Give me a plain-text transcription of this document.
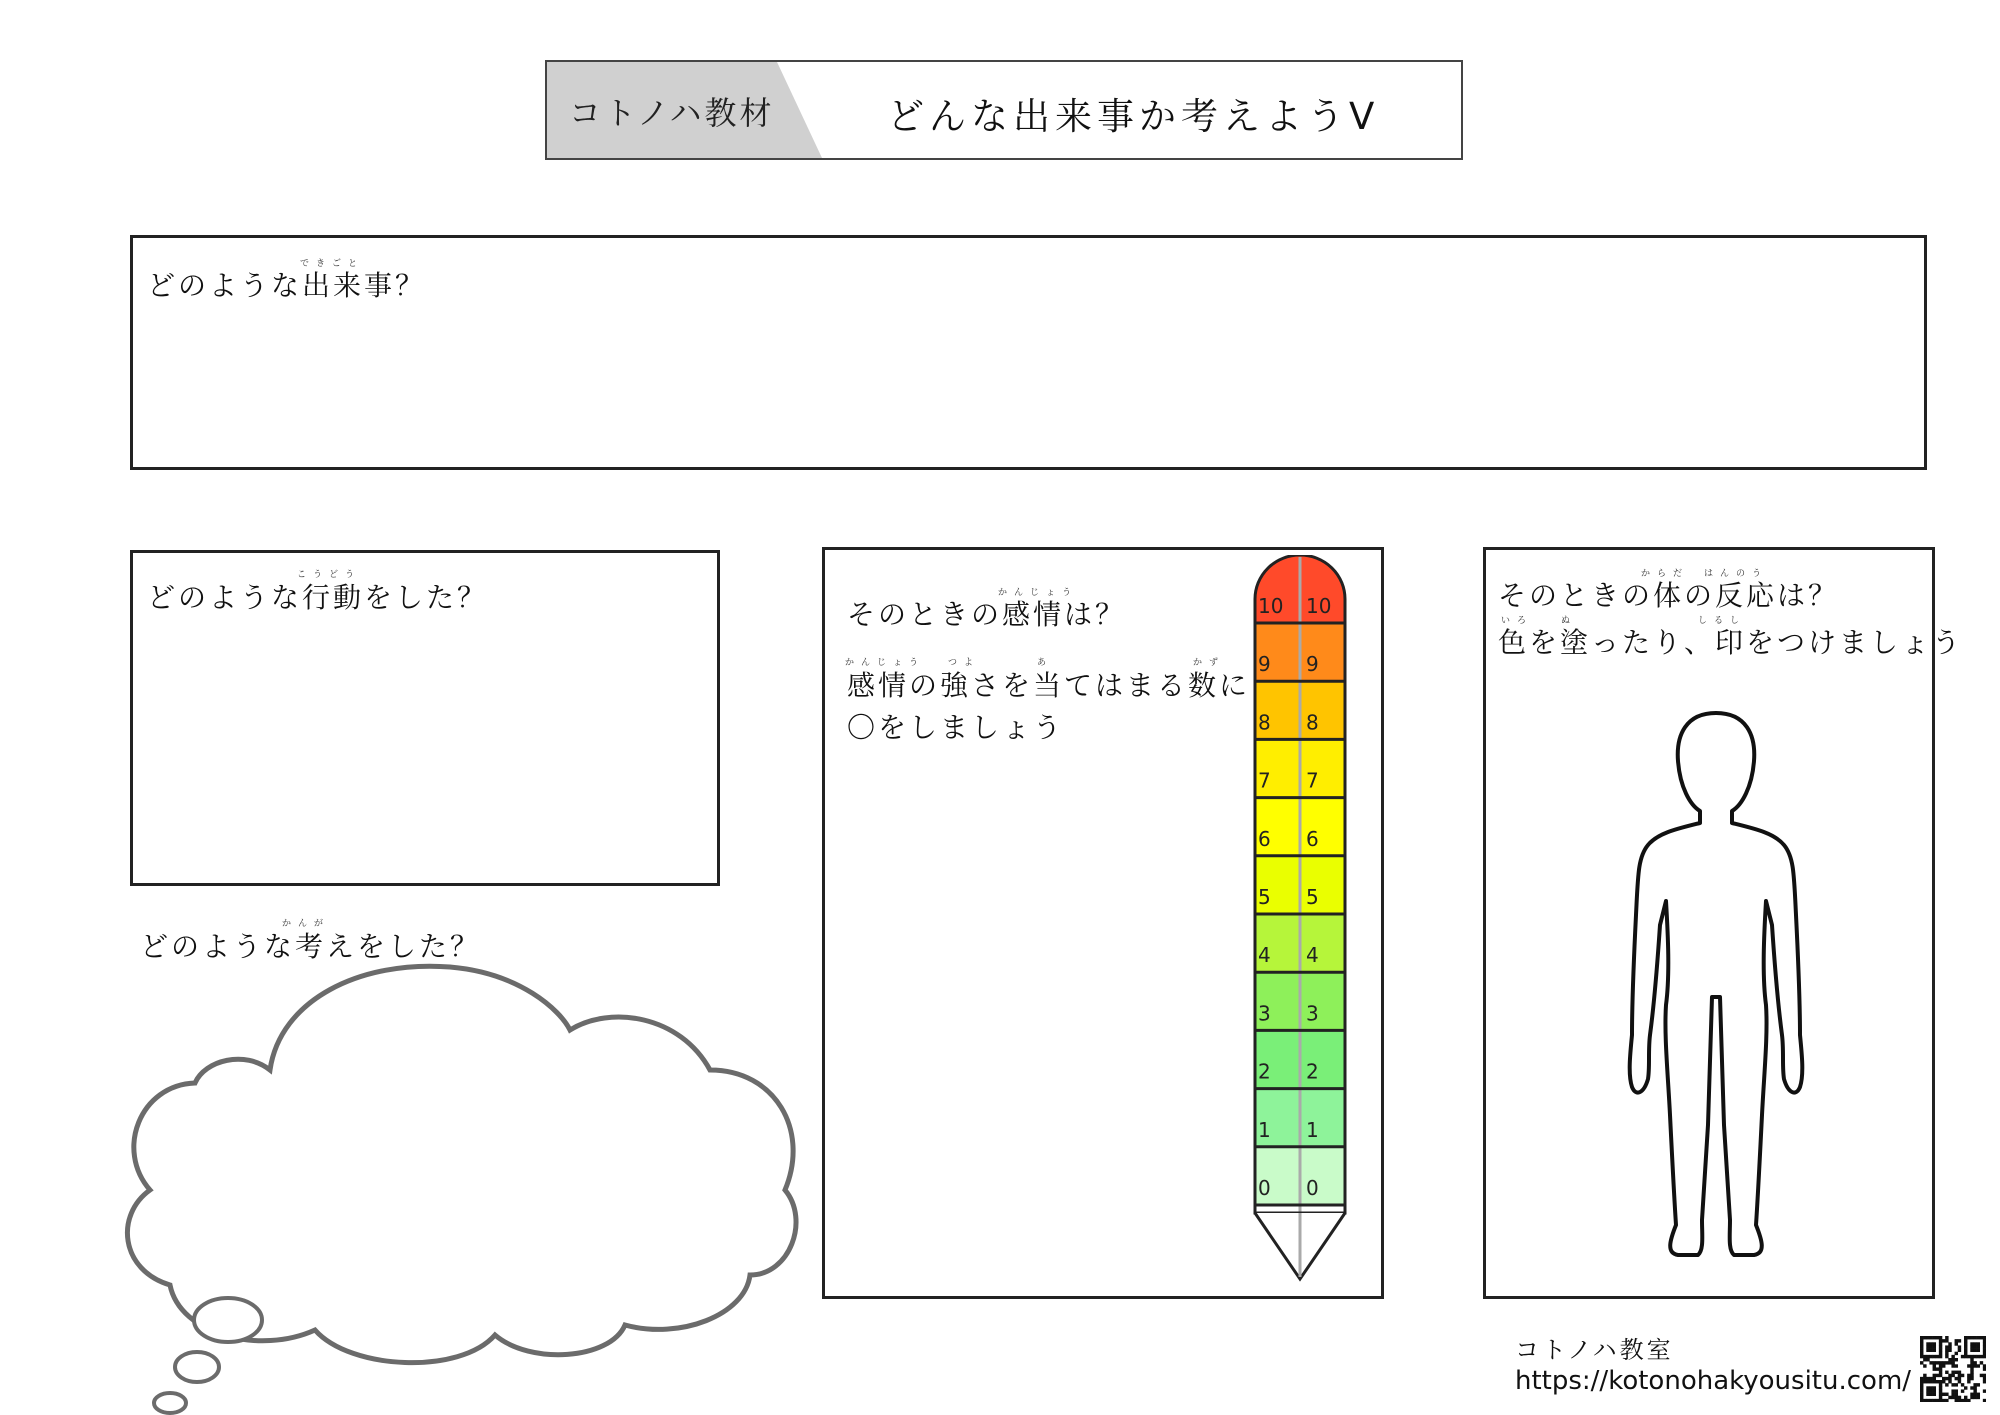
コトノハ教材	どんな出来事か考えようⅤ
できごと
どのような出来事？
こうどう
どのような行動をした？
かんが
どのような考えをした？
かんじょう
そのときの感情は？
かんじょう	つよ	あ	かず
感情の強さを当てはまる数に
〇をしましょう
10 10
9 9
8 8
7 7
6 6
5 5
4 4
3 3
2 2
1 1
0 0
からだ はんのう
そのときの体の反応は？
いろ	ぬ	しるし
色を塗ったり、印をつけましょう
コトノハ教室
https://kotonohakyousitu.com/
